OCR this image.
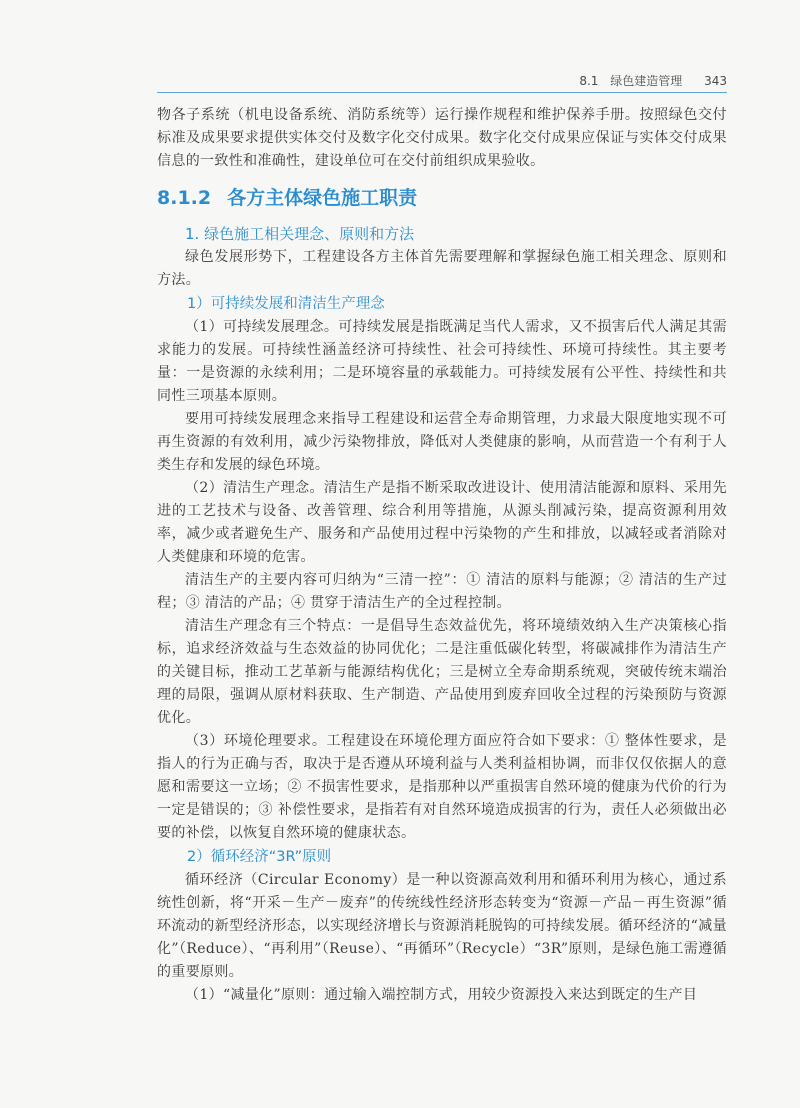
8.1 绿色建造管理 343

物各子系统（机电设备系统、消防系统等）运行操作规程和维护保养手册。按照绿色交付标准及成果要求提供实体交付及数字化交付成果。数字化交付成果应保证与实体交付成果信息的一致性和准确性，建设单位可在交付前组织成果验收。

8.1.2 各方主体绿色施工职责
1. 绿色施工相关理念、原则和方法

绿色发展形势下，工程建设各方主体首先需要理解和掌握绿色施工相关理念、原则和方法。

1）可持续发展和清洁生产理念

（1）可持续发展理念。可持续发展是指既满足当代人需求，又不损害后代人满足其需求能力的发展。可持续性涵盖经济可持续性、社会可持续性、环境可持续性。其主要考量：一是资源的永续利用；二是环境容量的承载能力。可持续发展有公平性、持续性和共同性三项基本原则。

要用可持续发展理念来指导工程建设和运营全寿命期管理，力求最大限度地实现不可再生资源的有效利用，减少污染物排放，降低对人类健康的影响，从而营造一个有利于人类生存和发展的绿色环境。

（2）清洁生产理念。清洁生产是指不断采取改进设计、使用清洁能源和原料、采用先进的工艺技术与设备、改善管理、综合利用等措施，从源头削减污染，提高资源利用效率，减少或者避免生产、服务和产品使用过程中污染物的产生和排放，以减轻或者消除对人类健康和环境的危害。

清洁生产的主要内容可归纳为“三清一控”：① 清洁的原料与能源；② 清洁的生产过程；③ 清洁的产品；④ 贯穿于清洁生产的全过程控制。

清洁生产理念有三个特点：一是倡导生态效益优先，将环境绩效纳入生产决策核心指标，追求经济效益与生态效益的协同优化；二是注重低碳化转型，将碳减排作为清洁生产的关键目标，推动工艺革新与能源结构优化；三是树立全寿命期系统观，突破传统末端治理的局限，强调从原材料获取、生产制造、产品使用到废弃回收全过程的污染预防与资源优化。

（3）环境伦理要求。工程建设在环境伦理方面应符合如下要求：① 整体性要求，是指人的行为正确与否，取决于是否遵从环境利益与人类利益相协调，而非仅仅依据人的意愿和需要这一立场；② 不损害性要求，是指那种以严重损害自然环境的健康为代价的行为一定是错误的；③ 补偿性要求，是指若有对自然环境造成损害的行为，责任人必须做出必要的补偿，以恢复自然环境的健康状态。

2）循环经济“3R”原则

循环经济（Circular Economy）是一种以资源高效利用和循环利用为核心，通过系统性创新，将“开采－生产－废弃”的传统线性经济形态转变为“资源－产品－再生资源”循环流动的新型经济形态，以实现经济增长与资源消耗脱钩的可持续发展。循环经济的“减量化”（Reduce）、“再利用”（Reuse）、“再循环”（Recycle）“3R”原则，是绿色施工需遵循的重要原则。

（1）“减量化”原则：通过输入端控制方式，用较少资源投入来达到既定的生产目
